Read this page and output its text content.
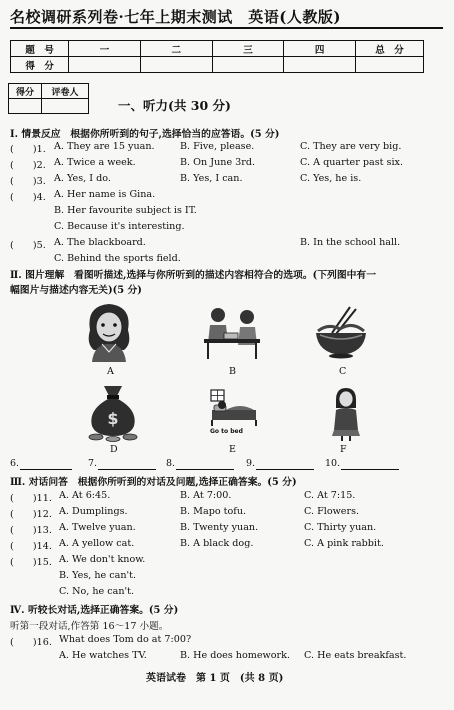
名校调研系列卷·七年上期末测试　英语(人教版)
题　号	一	二	三	四	总　分
得　分					
得分	评卷人

一、听力(共 30 分)
Ⅰ. 情景反应　根据你所听到的句子,选择恰当的应答语。(5 分)
(　　)1. A. They are 15 yuan.	B. Five, please.	C. They are very big.
(　　)2. A. Twice a week.	B. On June 3rd.	C. A quarter past six.
(　　)3. A. Yes, I do.	B. Yes, I can.	C. Yes, he is.
(　　)4. A. Her name is Gina.
B. Her favourite subject is IT.
C. Because it's interesting.
(　　)5. A. The blackboard.	B. In the school hall.
C. Behind the sports field.
Ⅱ. 图片理解　看图听描述,选择与你所听到的描述内容相符合的选项。(下列图中有一
幅图片与描述内容无关)(5 分)
A	B	C
$
D
Go to bed
E	F
6.	7.	8.	9.	10.
Ⅲ. 对话问答　根据你所听到的对话及问题,选择正确答案。(5 分)
(　　)11. A. At 6:45.	B. At 7:00.	C. At 7:15.
(　　)12. A. Dumplings.	B. Mapo tofu.	C. Flowers.
(　　)13. A. Twelve yuan.	B. Twenty yuan.	C. Thirty yuan.
(　　)14. A. A yellow cat.	B. A black dog.	C. A pink rabbit.
(　　)15. A. We don't know.
B. Yes, he can't.
C. No, he can't.
Ⅳ. 听较长对话,选择正确答案。(5 分)
听第一段对话,作答第 16～17 小题。
(　　)16. What does Tom do at 7:00?
A. He watches TV.	B. He does homework. C. He eats breakfast.
英语试卷　第 1 页　(共 8 页)
